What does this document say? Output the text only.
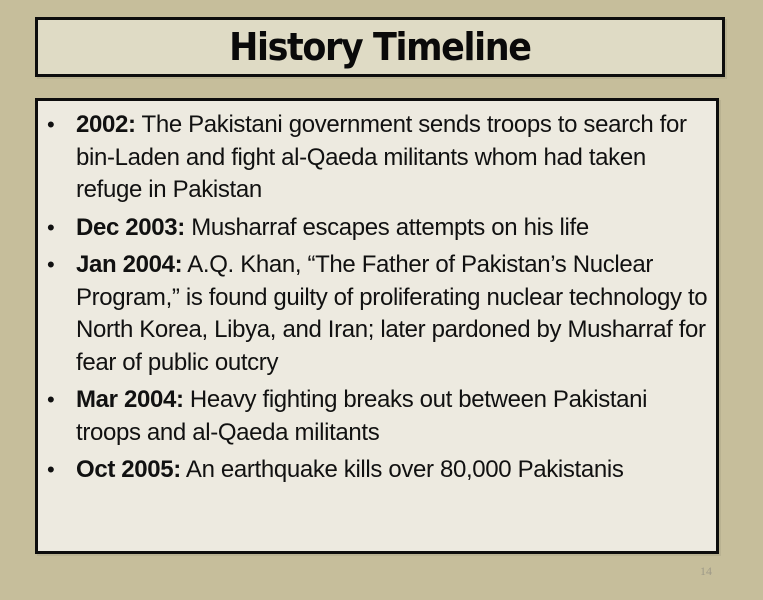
History Timeline
• 2002: The Pakistani government sends troops to search for bin-Laden and fight al-Qaeda militants whom had taken refuge in Pakistan
• Dec 2003: Musharraf escapes attempts on his life
• Jan 2004: A.Q. Khan, “The Father of Pakistan’s Nuclear Program,” is found guilty of proliferating nuclear technology to North Korea, Libya, and Iran; later pardoned by Musharraf for fear of public outcry
• Mar 2004: Heavy fighting breaks out between Pakistani troops and al-Qaeda militants
• Oct 2005: An earthquake kills over 80,000 Pakistanis
14
